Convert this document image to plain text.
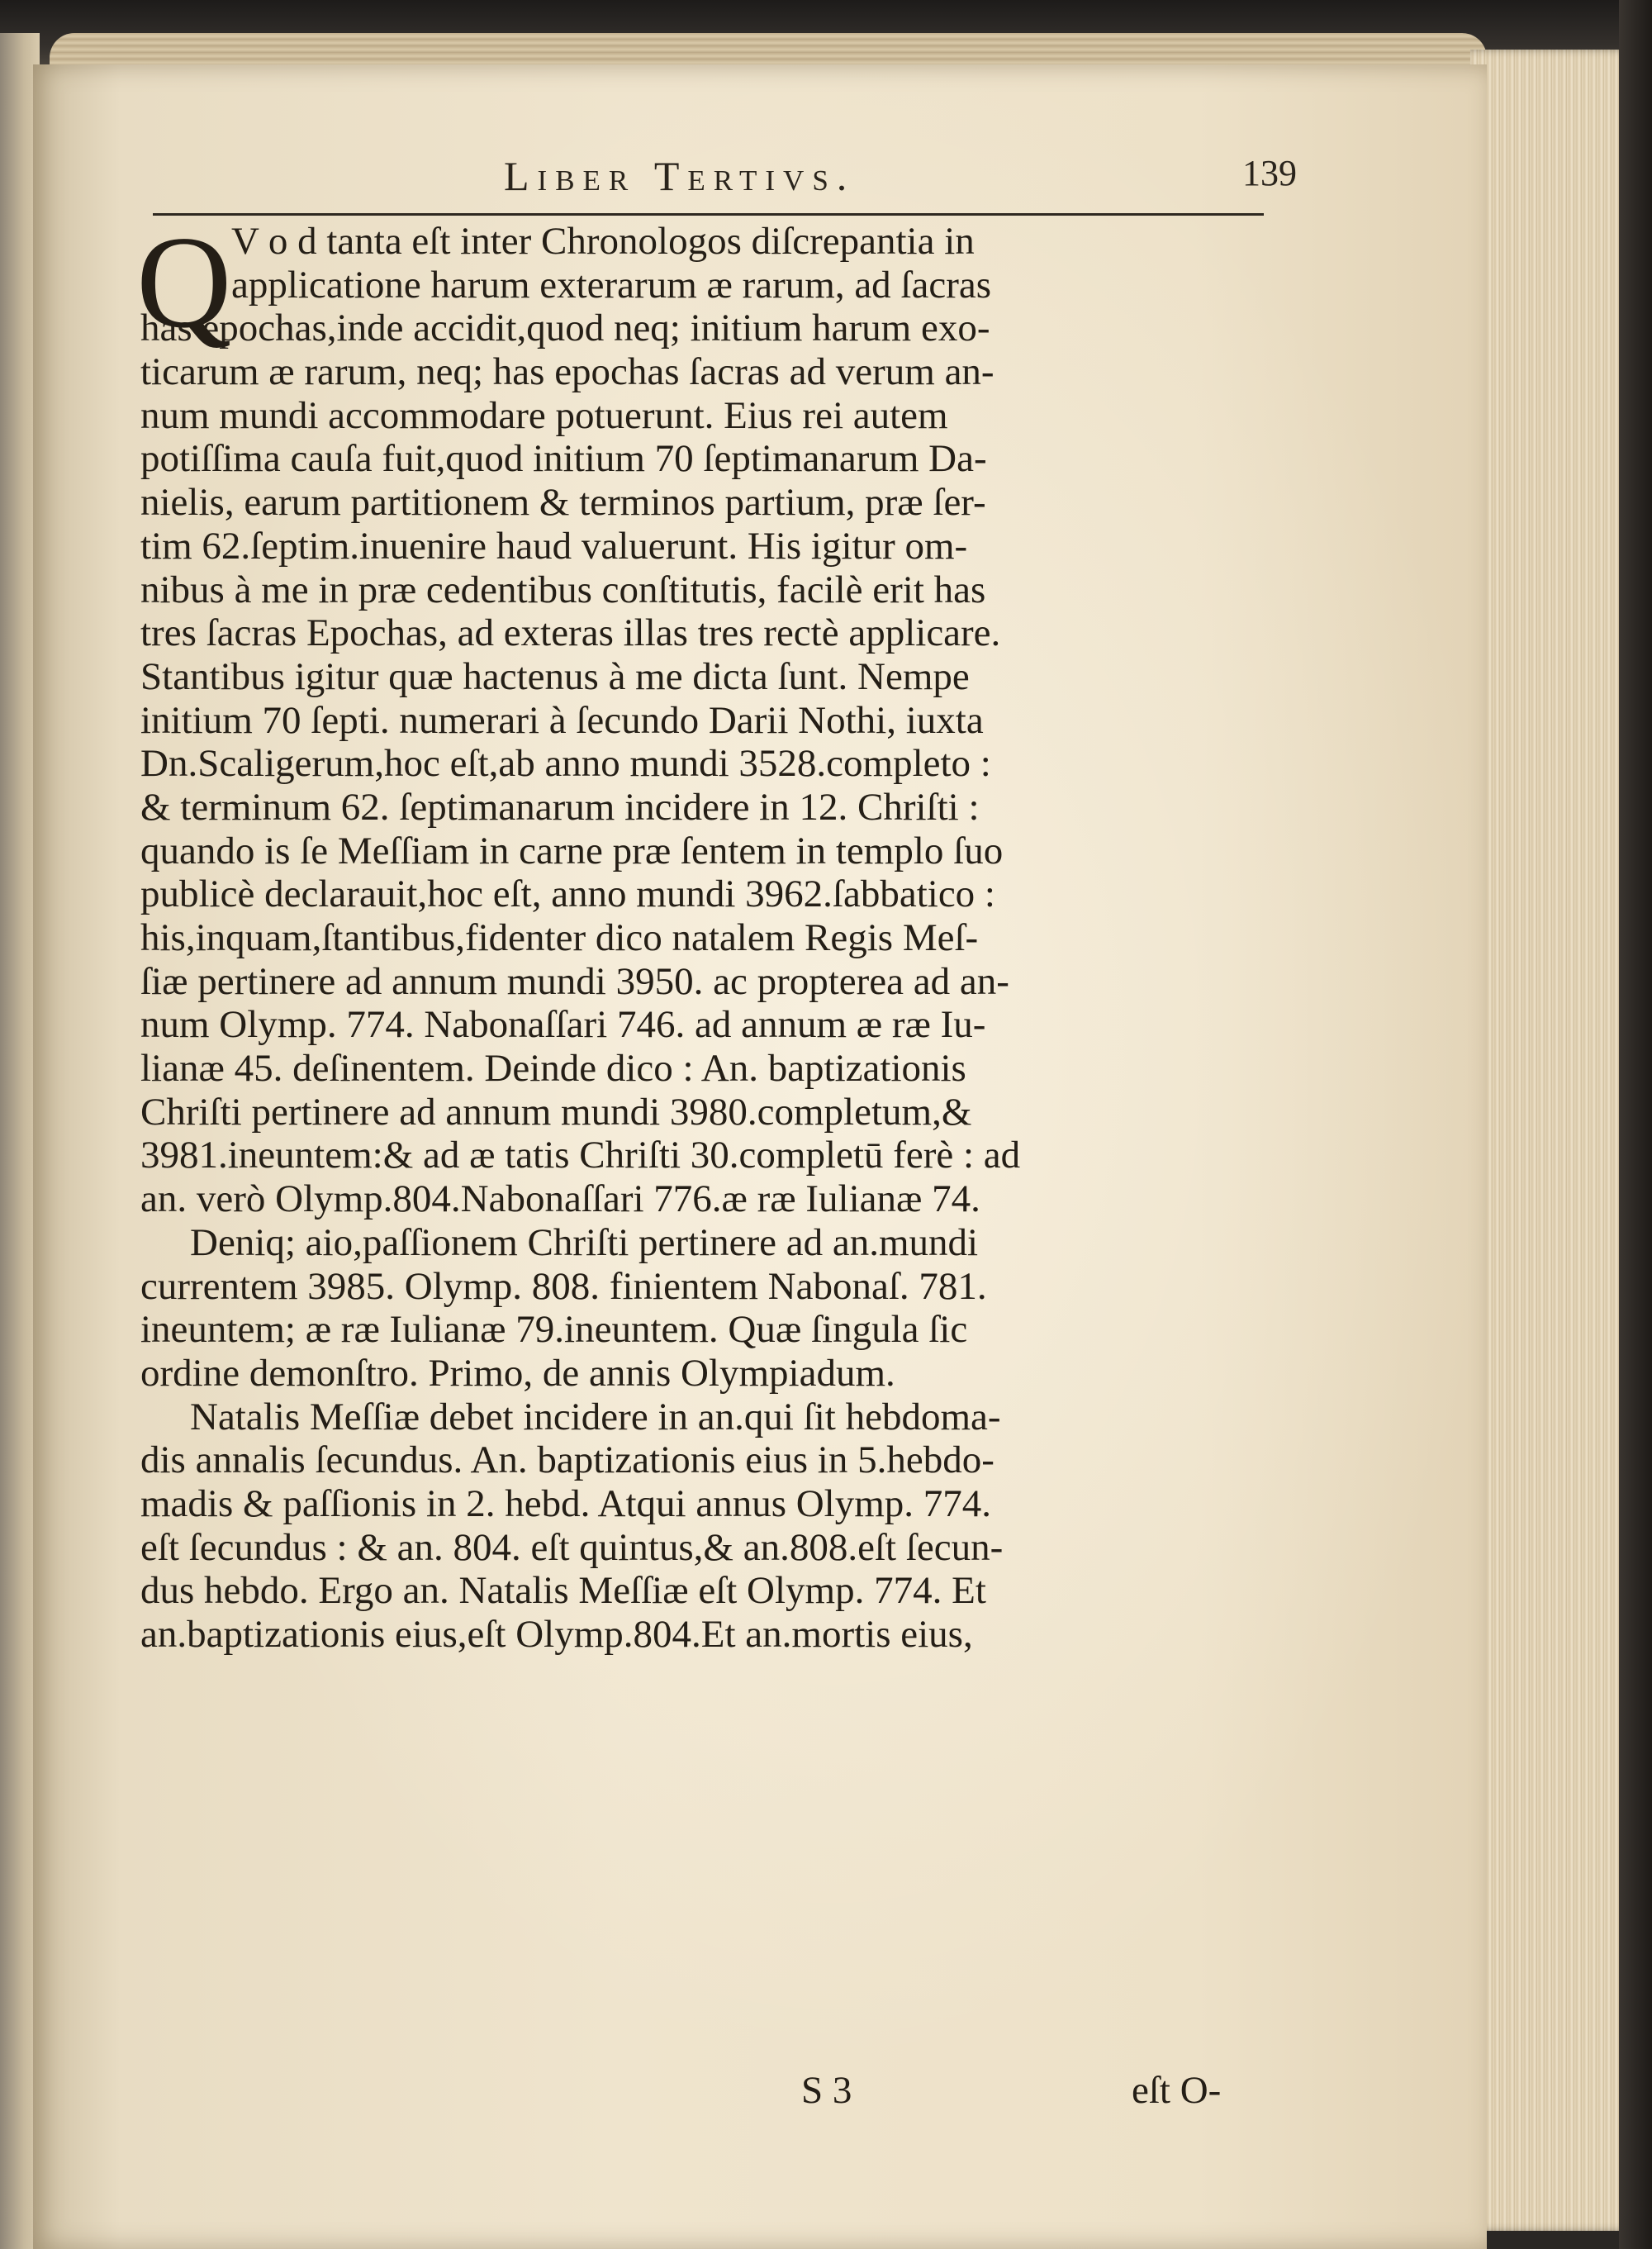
Liber Tertivs.	139
Q V o d tanta eſt inter Chronologos diſcrepantia in
applicatione harum exterarum æ rarum, ad ſacras
has epochas,inde accidit,quod neq; initium harum exo-
ticarum æ rarum, neq; has epochas ſacras ad verum an-
num mundi accommodare potuerunt. Eius rei autem
potiſſima cauſa fuit,quod initium 70 ſeptimanarum Da-
nielis, earum partitionem & terminos partium, præ ſer-
tim 62.ſeptim.inuenire haud valuerunt. His igitur om-
nibus à me in præ cedentibus conſtitutis, facilè erit has
tres ſacras Epochas, ad exteras illas tres rectè applicare.
Stantibus igitur quæ hactenus à me dicta ſunt. Nempe
initium 70 ſepti. numerari à ſecundo Darii Nothi, iuxta
Dn.Scaligerum,hoc eſt,ab anno mundi 3528.completo :
& terminum 62. ſeptimanarum incidere in 12. Chriſti :
quando is ſe Meſſiam in carne præ ſentem in templo ſuo
publicè declarauit,hoc eſt, anno mundi 3962.ſabbatico :
his,inquam,ſtantibus,fidenter dico natalem Regis Meſ-
ſiæ pertinere ad annum mundi 3950. ac propterea ad an-
num Olymp. 774. Nabonaſſari 746. ad annum æ ræ Iu-
lianæ 45. deſinentem. Deinde dico : An. baptizationis
Chriſti pertinere ad annum mundi 3980.completum,&
3981.ineuntem:& ad æ tatis Chriſti 30.completū ferè : ad
an. verò Olymp.804.Nabonaſſari 776.æ ræ Iulianæ 74.
Deniq; aio,paſſionem Chriſti pertinere ad an.mundi
currentem 3985. Olymp. 808. finientem Nabonaſ. 781.
ineuntem; æ ræ Iulianæ 79.ineuntem. Quæ ſingula ſic
ordine demonſtro. Primo, de annis Olympiadum.
Natalis Meſſiæ debet incidere in an.qui ſit hebdoma-
dis annalis ſecundus. An. baptizationis eius in 5.hebdo-
madis & paſſionis in 2. hebd. Atqui annus Olymp. 774.
eſt ſecundus : & an. 804. eſt quintus,& an.808.eſt ſecun-
dus hebdo. Ergo an. Natalis Meſſiæ eſt Olymp. 774. Et
an.baptizationis eius,eſt Olymp.804.Et an.mortis eius,
S 3	eſt O-
